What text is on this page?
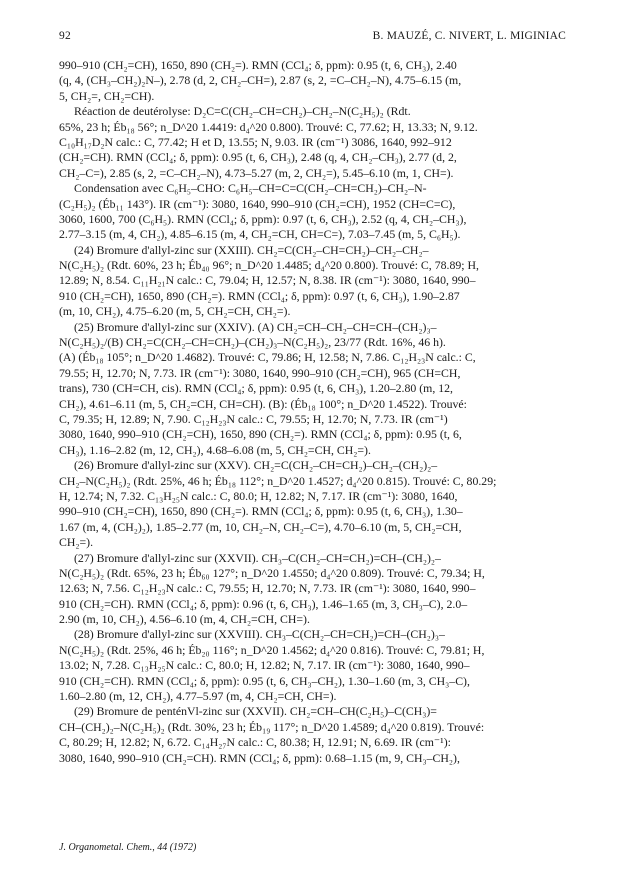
92	B. MAUZÉ, C. NIVERT, L. MIGINIAC
990–910 (CH₂=CH), 1650, 890 (CH₂=). RMN (CCl₄; δ, ppm): 0.95 (t, 6, CH₃), 2.40
(q, 4, (CH₃–CH₂)₂N–), 2.78 (d, 2, CH₂–CH=), 2.87 (s, 2, =C–CH₂–N), 4.75–6.15 (m,
5, CH₂=, CH₂=CH).
Réaction de deutérolyse: D₂C=C(CH₂–CH=CH₂)–CH₂–N(C₂H₅)₂ (Rdt.
65%, 23 h; Éb₁₈ 56°; n_D^20 1.4419: d₄^20 0.800). Trouvé: C, 77.62; H, 13.33; N, 9.12.
C₁₀H₁₇D₂N calc.: C, 77.42; H et D, 13.55; N, 9.03. IR (cm⁻¹) 3086, 1640, 992–912
(CH₂=CH). RMN (CCl₄; δ, ppm): 0.95 (t, 6, CH₃), 2.48 (q, 4, CH₂–CH₃), 2.77 (d, 2,
CH₂–C=), 2.85 (s, 2, =C–CH₂–N), 4.73–5.27 (m, 2, CH₂=), 5.45–6.10 (m, 1, CH=).
Condensation avec C₆H₅–CHO: C₆H₅–CH=C=C(CH₂–CH=CH₂)–CH₂–N-
(C₂H₅)₂ (Éb₁₁ 143°). IR (cm⁻¹): 3080, 1640, 990–910 (CH₂=CH), 1952 (CH=C=C),
3060, 1600, 700 (C₆H₅). RMN (CCl₄; δ, ppm): 0.97 (t, 6, CH₃), 2.52 (q, 4, CH₂–CH₃),
2.77–3.15 (m, 4, CH₂), 4.85–6.15 (m, 4, CH₂=CH, CH=C=), 7.03–7.45 (m, 5, C₆H₅).
(24) Bromure d'allyl-zinc sur (XXIII). CH₂=C(CH₂–CH=CH₂)–CH₂–CH₂–
N(C₂H₅)₂ (Rdt. 60%, 23 h; Éb₄₀ 96°; n_D^20 1.4485; d₄^20 0.800). Trouvé: C, 78.89; H,
12.89; N, 8.54. C₁₁H₂₁N calc.: C, 79.04; H, 12.57; N, 8.38. IR (cm⁻¹): 3080, 1640, 990–
910 (CH₂=CH), 1650, 890 (CH₂=). RMN (CCl₄; δ, ppm): 0.97 (t, 6, CH₃), 1.90–2.87
(m, 10, CH₂), 4.75–6.20 (m, 5, CH₂=CH, CH₂=).
(25) Bromure d'allyl-zinc sur (XXIV). (A) CH₂=CH–CH₂–CH=CH–(CH₂)₃–
N(C₂H₅)₂/(B) CH₂=C(CH₂–CH=CH₂)–(CH₂)₃–N(C₂H₅)₂, 23/77 (Rdt. 16%, 46 h).
(A) (Éb₁₈ 105°; n_D^20 1.4682). Trouvé: C, 79.86; H, 12.58; N, 7.86. C₁₂H₂₃N calc.: C,
79.55; H, 12.70; N, 7.73. IR (cm⁻¹): 3080, 1640, 990–910 (CH₂=CH), 965 (CH=CH,
trans), 730 (CH=CH, cis). RMN (CCl₄; δ, ppm): 0.95 (t, 6, CH₃), 1.20–2.80 (m, 12,
CH₂), 4.61–6.11 (m, 5, CH₂=CH, CH=CH). (B): (Éb₁₈ 100°; n_D^20 1.4522). Trouvé:
C, 79.35; H, 12.89; N, 7.90. C₁₂H₂₃N calc.: C, 79.55; H, 12.70; N, 7.73. IR (cm⁻¹)
3080, 1640, 990–910 (CH₂=CH), 1650, 890 (CH₂=). RMN (CCl₄; δ, ppm): 0.95 (t, 6,
CH₃), 1.16–2.82 (m, 12, CH₂), 4.68–6.08 (m, 5, CH₂=CH, CH₂=).
(26) Bromure d'allyl-zinc sur (XXV). CH₂=C(CH₂–CH=CH₂)–CH₂–(CH₂)₂–
CH₂–N(C₂H₅)₂ (Rdt. 25%, 46 h; Éb₁₈ 112°; n_D^20 1.4527; d₄^20 0.815). Trouvé: C, 80.29;
H, 12.74; N, 7.32. C₁₃H₂₅N calc.: C, 80.0; H, 12.82; N, 7.17. IR (cm⁻¹): 3080, 1640,
990–910 (CH₂=CH), 1650, 890 (CH₂=). RMN (CCl₄; δ, ppm): 0.95 (t, 6, CH₃), 1.30–
1.67 (m, 4, (CH₂)₂), 1.85–2.77 (m, 10, CH₂–N, CH₂–C=), 4.70–6.10 (m, 5, CH₂=CH,
CH₂=).
(27) Bromure d'allyl-zinc sur (XXVII). CH₃–C(CH₂–CH=CH₂)=CH–(CH₂)₂–
N(C₂H₅)₂ (Rdt. 65%, 23 h; Éb₆₀ 127°; n_D^20 1.4550; d₄^20 0.809). Trouvé: C, 79.34; H,
12.63; N, 7.56. C₁₂H₂₃N calc.: C, 79.55; H, 12.70; N, 7.73. IR (cm⁻¹): 3080, 1640, 990–
910 (CH₂=CH). RMN (CCl₄; δ, ppm): 0.96 (t, 6, CH₃), 1.46–1.65 (m, 3, CH₃–C), 2.0–
2.90 (m, 10, CH₂), 4.56–6.10 (m, 4, CH₂=CH, CH=).
(28) Bromure d'allyl-zinc sur (XXVIII). CH₃–C(CH₂–CH=CH₂)=CH–(CH₂)₃–
N(C₂H₅)₂ (Rdt. 25%, 46 h; Éb₂₀ 116°; n_D^20 1.4562; d₄^20 0.816). Trouvé: C, 79.81; H,
13.02; N, 7.28. C₁₃H₂₅N calc.: C, 80.0; H, 12.82; N, 7.17. IR (cm⁻¹): 3080, 1640, 990–
910 (CH₂=CH). RMN (CCl₄; δ, ppm): 0.95 (t, 6, CH₃–CH₂), 1.30–1.60 (m, 3, CH₃–C),
1.60–2.80 (m, 12, CH₂), 4.77–5.97 (m, 4, CH₂=CH, CH=).
(29) Bromure de penténVl-zinc sur (XXVII). CH₂=CH–CH(C₂H₅)–C(CH₃)=
CH–(CH₂)₂–N(C₂H₅)₂ (Rdt. 30%, 23 h; Éb₁₉ 117°; n_D^20 1.4589; d₄^20 0.819). Trouvé:
C, 80.29; H, 12.82; N, 6.72. C₁₄H₂₇N calc.: C, 80.38; H, 12.91; N, 6.69. IR (cm⁻¹):
3080, 1640, 990–910 (CH₂=CH). RMN (CCl₄; δ, ppm): 0.68–1.15 (m, 9, CH₃–CH₂),
J. Organometal. Chem., 44 (1972)
